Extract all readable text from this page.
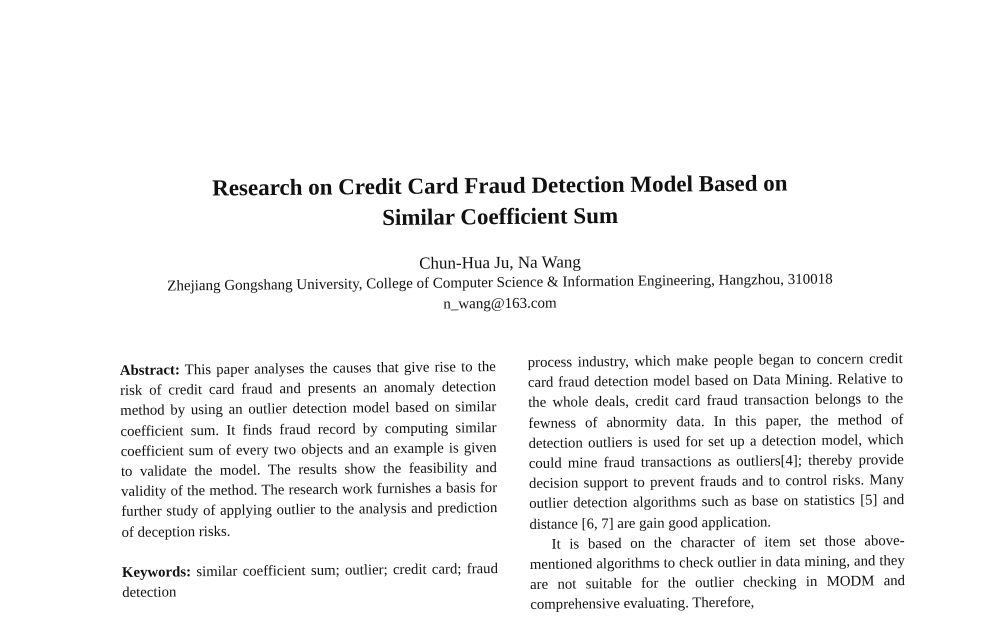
Research on Credit Card Fraud Detection Model Based on
Similar Coefficient Sum
Chun-Hua Ju, Na Wang
Zhejiang Gongshang University, College of Computer Science & Information Engineering, Hangzhou, 310018
n_wang@163.com

Abstract: This paper analyses the causes that give rise to the risk of credit card fraud and presents an anomaly detection method by using an outlier detection model based on similar coefficient sum. It finds fraud record by computing similar coefficient sum of every two objects and an example is given to validate the model. The results show the feasibility and validity of the method. The research work furnishes a basis for further study of applying outlier to the analysis and prediction of deception risks.

Keywords: similar coefficient sum; outlier; credit card; fraud detection

process industry, which make people began to concern credit card fraud detection model based on Data Mining. Relative to the whole deals, credit card fraud transaction belongs to the fewness of abnormity data. In this paper, the method of detection outliers is used for set up a detection model, which could mine fraud transactions as outliers[4]; thereby provide decision support to prevent frauds and to control risks. Many outlier detection algorithms such as base on statistics [5] and distance [6, 7] are gain good application.

It is based on the character of item set those above-mentioned algorithms to check outlier in data mining, and they are not suitable for the outlier checking in MODM and comprehensive evaluating. Therefore,
